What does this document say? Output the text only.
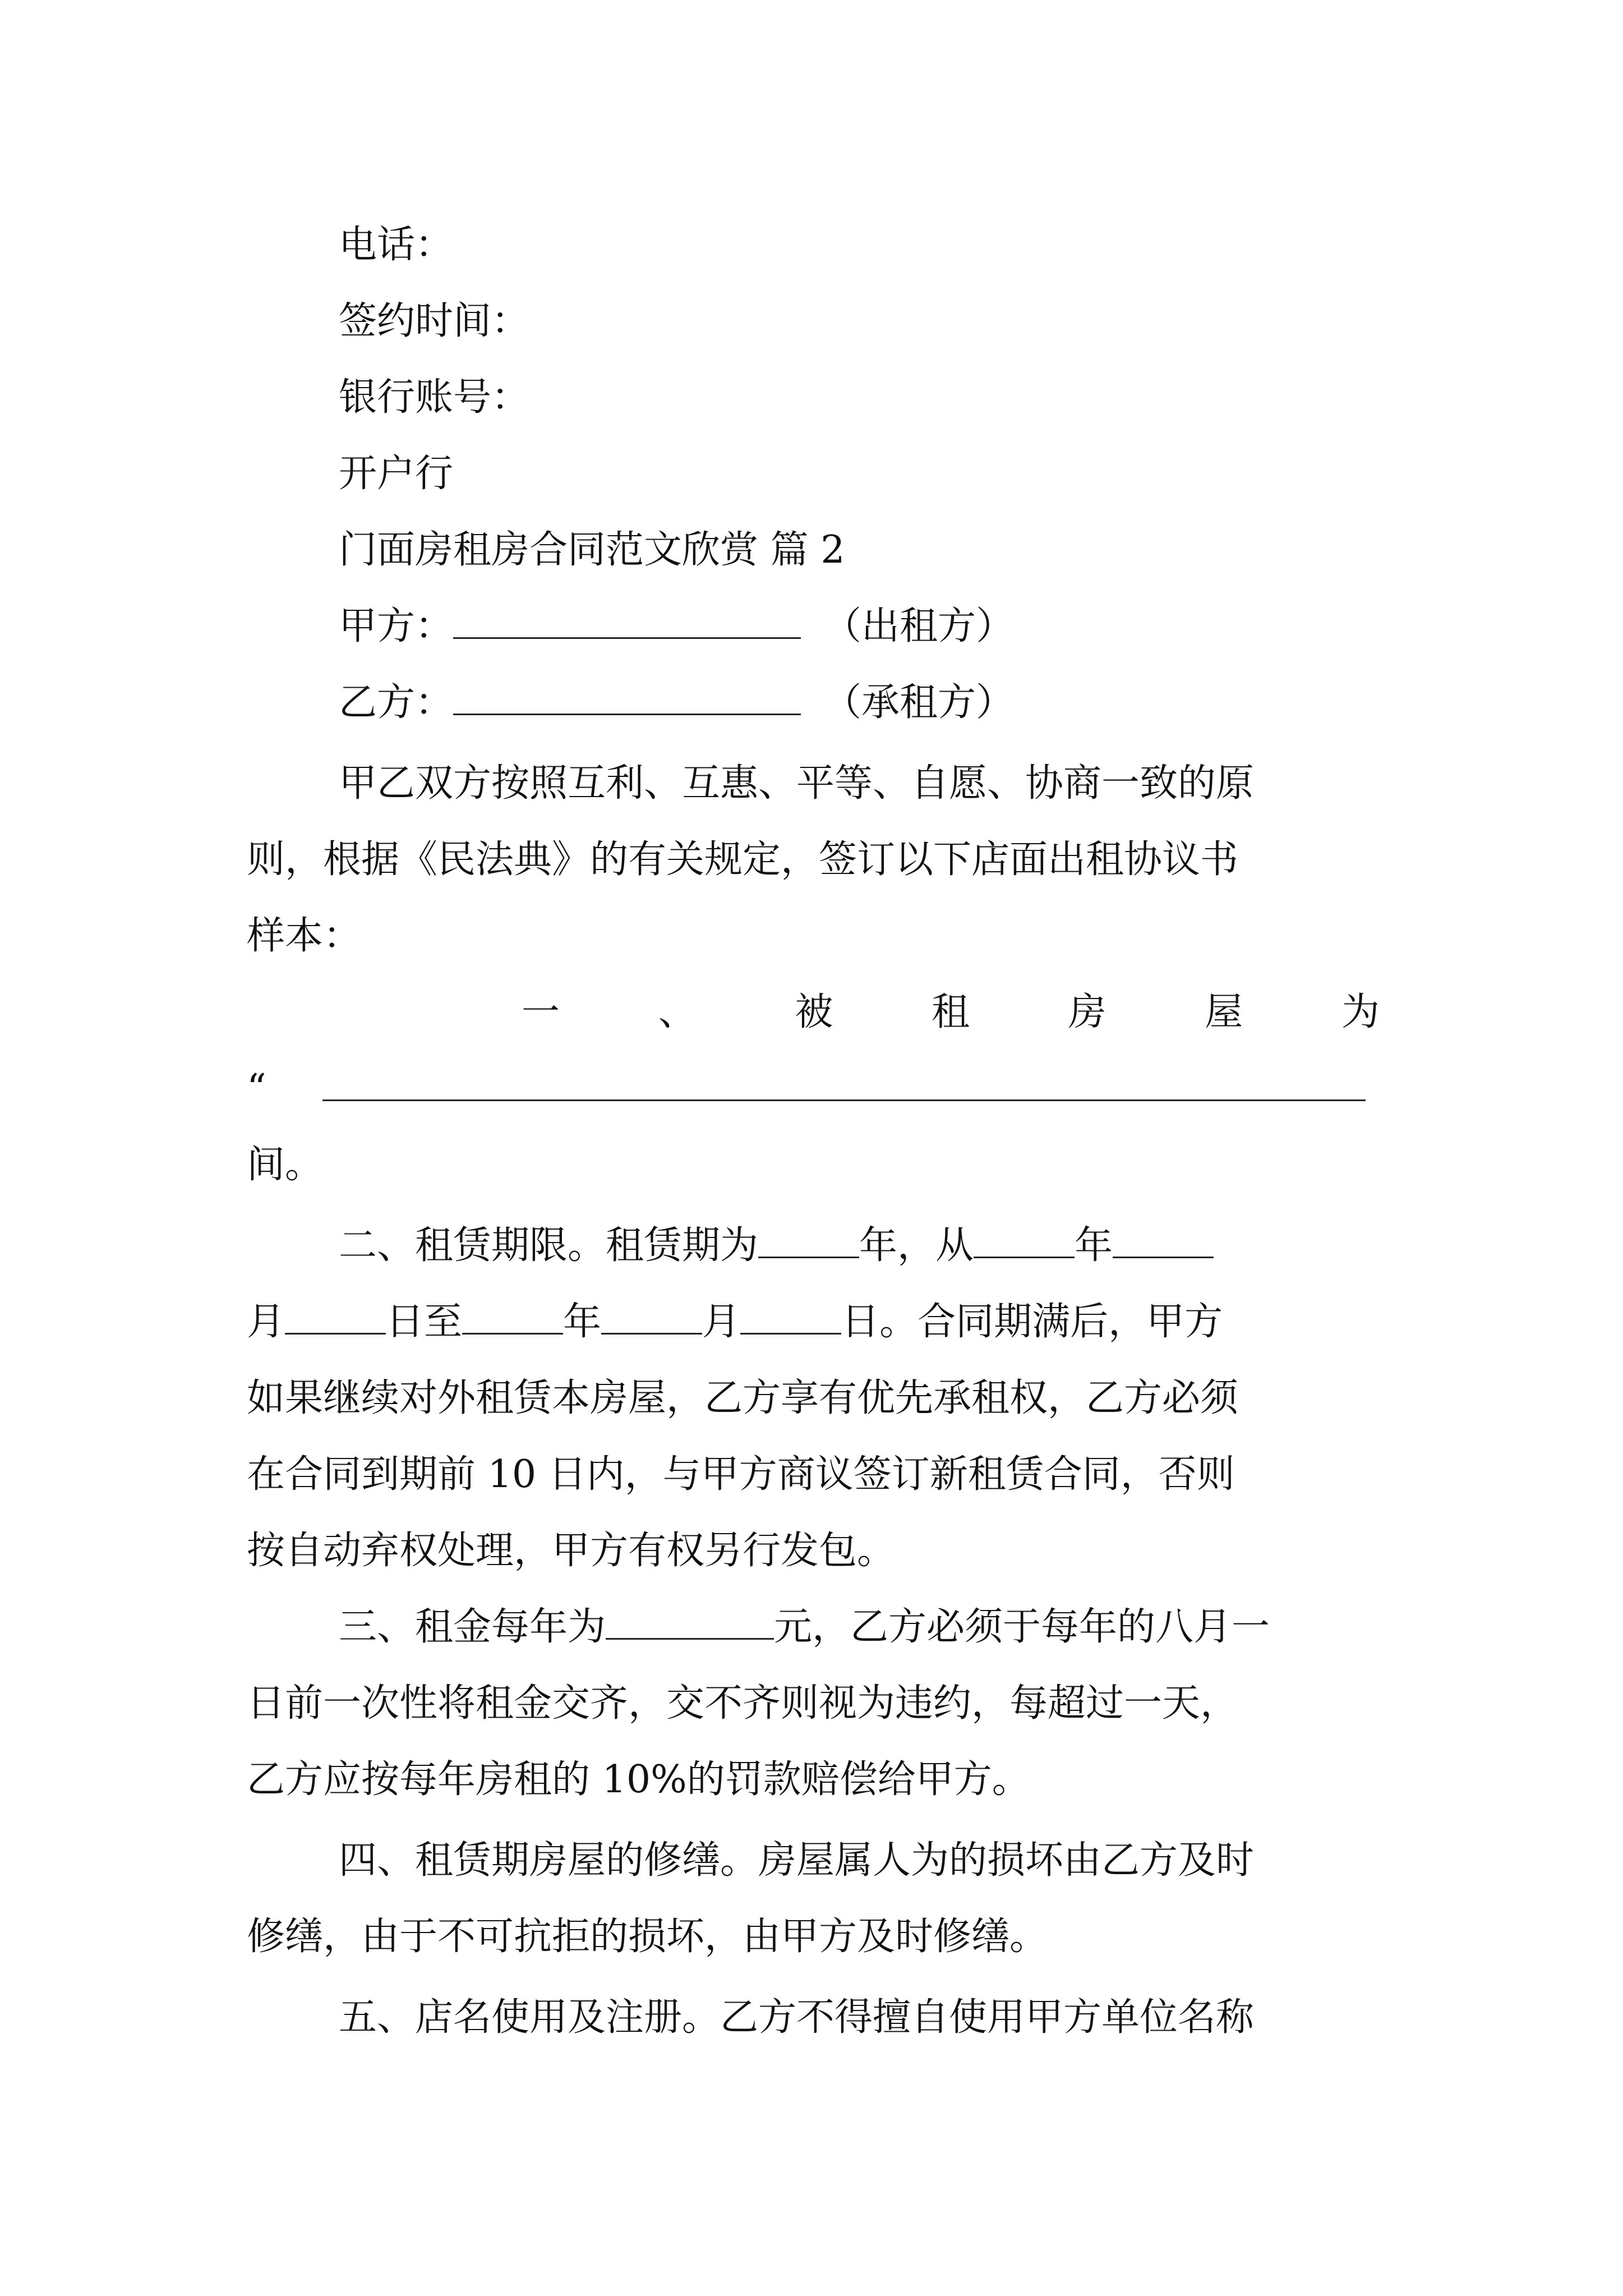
电话：
签约时间：
银行账号：
开户行
门面房租房合同范文欣赏 篇 2
甲方：	（出租方）
乙方：	（承租方）
甲乙双方按照互利、互惠、平等、自愿、协商一致的原
则，根据《民法典》的有关规定，签订以下店面出租协议书
样本：
一	、	被	租	房	屋	为
“
间。
二、租赁期限。租赁期为	年，从	年
月	日至	年	月	日。合同期满后，甲方
如果继续对外租赁本房屋，乙方享有优先承租权，乙方必须
在合同到期前 10 日内，与甲方商议签订新租赁合同，否则
按自动弃权处理，甲方有权另行发包。
三、租金每年为	元，乙方必须于每年的八月一
日前一次性将租金交齐，交不齐则视为违约，每超过一天，
乙方应按每年房租的 10%的罚款赔偿给甲方。
四、租赁期房屋的修缮。房屋属人为的损坏由乙方及时
修缮，由于不可抗拒的损坏，由甲方及时修缮。
五、店名使用及注册。乙方不得擅自使用甲方单位名称
